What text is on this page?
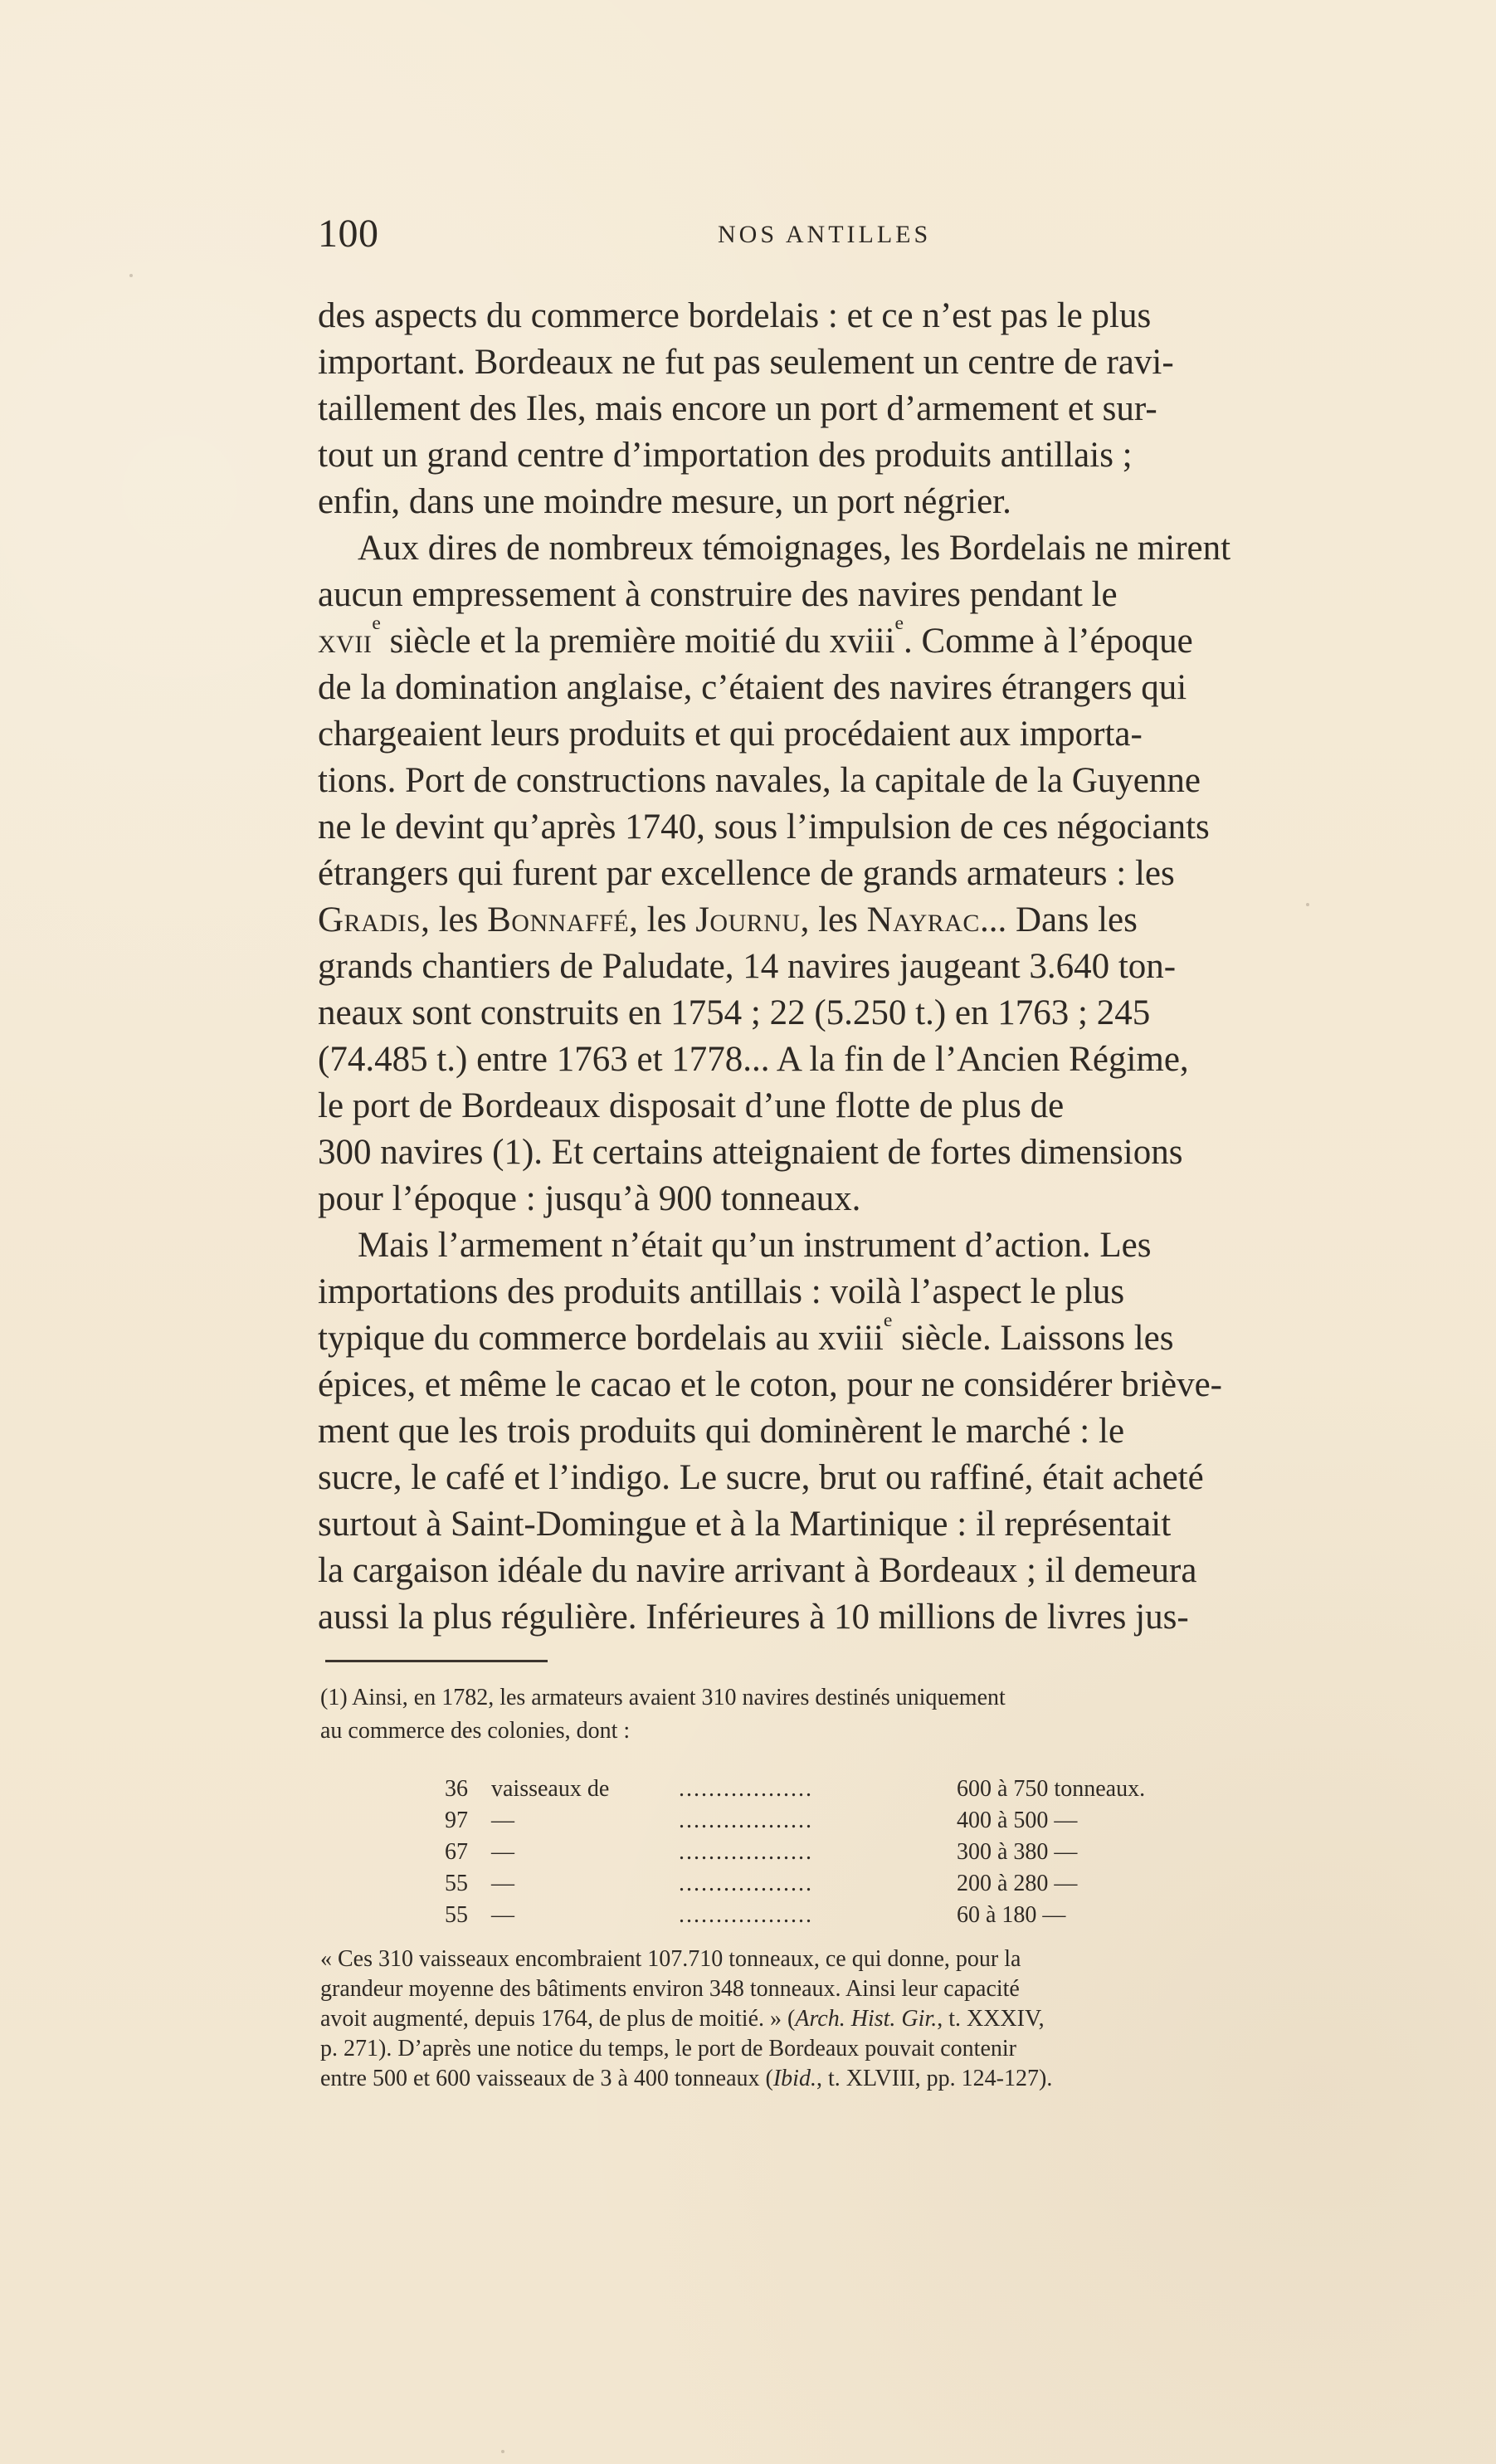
100	NOS ANTILLES
des aspects du commerce bordelais : et ce n’est pas le plus
important. Bordeaux ne fut pas seulement un centre de ravi-
taillement des Iles, mais encore un port d’armement et sur-
tout un grand centre d’importation des produits antillais ;
enfin, dans une moindre mesure, un port négrier.
Aux dires de nombreux témoignages, les Bordelais ne mirent
aucun empressement à construire des navires pendant le
xvii$^e$ siècle et la première moitié du xviii$^e$. Comme à l’époque
de la domination anglaise, c’étaient des navires étrangers qui
chargeaient leurs produits et qui procédaient aux importa-
tions. Port de constructions navales, la capitale de la Guyenne
ne le devint qu’après 1740, sous l’impulsion de ces négociants
étrangers qui furent par excellence de grands armateurs : les
Gradis, les Bonnaffé, les Journu, les Nayrac... Dans les
grands chantiers de Paludate, 14 navires jaugeant 3.640 ton-
neaux sont construits en 1754 ; 22 (5.250 t.) en 1763 ; 245
(74.485 t.) entre 1763 et 1778... A la fin de l’Ancien Régime,
le port de Bordeaux disposait d’une flotte de plus de
300 navires (1). Et certains atteignaient de fortes dimensions
pour l’époque : jusqu’à 900 tonneaux.
Mais l’armement n’était qu’un instrument d’action. Les
importations des produits antillais : voilà l’aspect le plus
typique du commerce bordelais au xviii$^e$ siècle. Laissons les
épices, et même le cacao et le coton, pour ne considérer briève-
ment que les trois produits qui dominèrent le marché : le
sucre, le café et l’indigo. Le sucre, brut ou raffiné, était acheté
surtout à Saint-Domingue et à la Martinique : il représentait
la cargaison idéale du navire arrivant à Bordeaux ; il demeura
aussi la plus régulière. Inférieures à 10 millions de livres jus-
(1) Ainsi, en 1782, les armateurs avaient 310 navires destinés uniquement
au commerce des colonies, dont :
36	vaisseaux de	..................	600 à 750 tonneaux.
97	—	..................	400 à 500 —
67	—	..................	300 à 380 —
55	—	..................	200 à 280 —
55	—	..................	60 à 180 —
« Ces 310 vaisseaux encombraient 107.710 tonneaux, ce qui donne, pour la
grandeur moyenne des bâtiments environ 348 tonneaux. Ainsi leur capacité
avoit augmenté, depuis 1764, de plus de moitié. » (Arch. Hist. Gir., t. XXXIV,
p. 271). D’après une notice du temps, le port de Bordeaux pouvait contenir
entre 500 et 600 vaisseaux de 3 à 400 tonneaux (Ibid., t. XLVIII, pp. 124-127).
